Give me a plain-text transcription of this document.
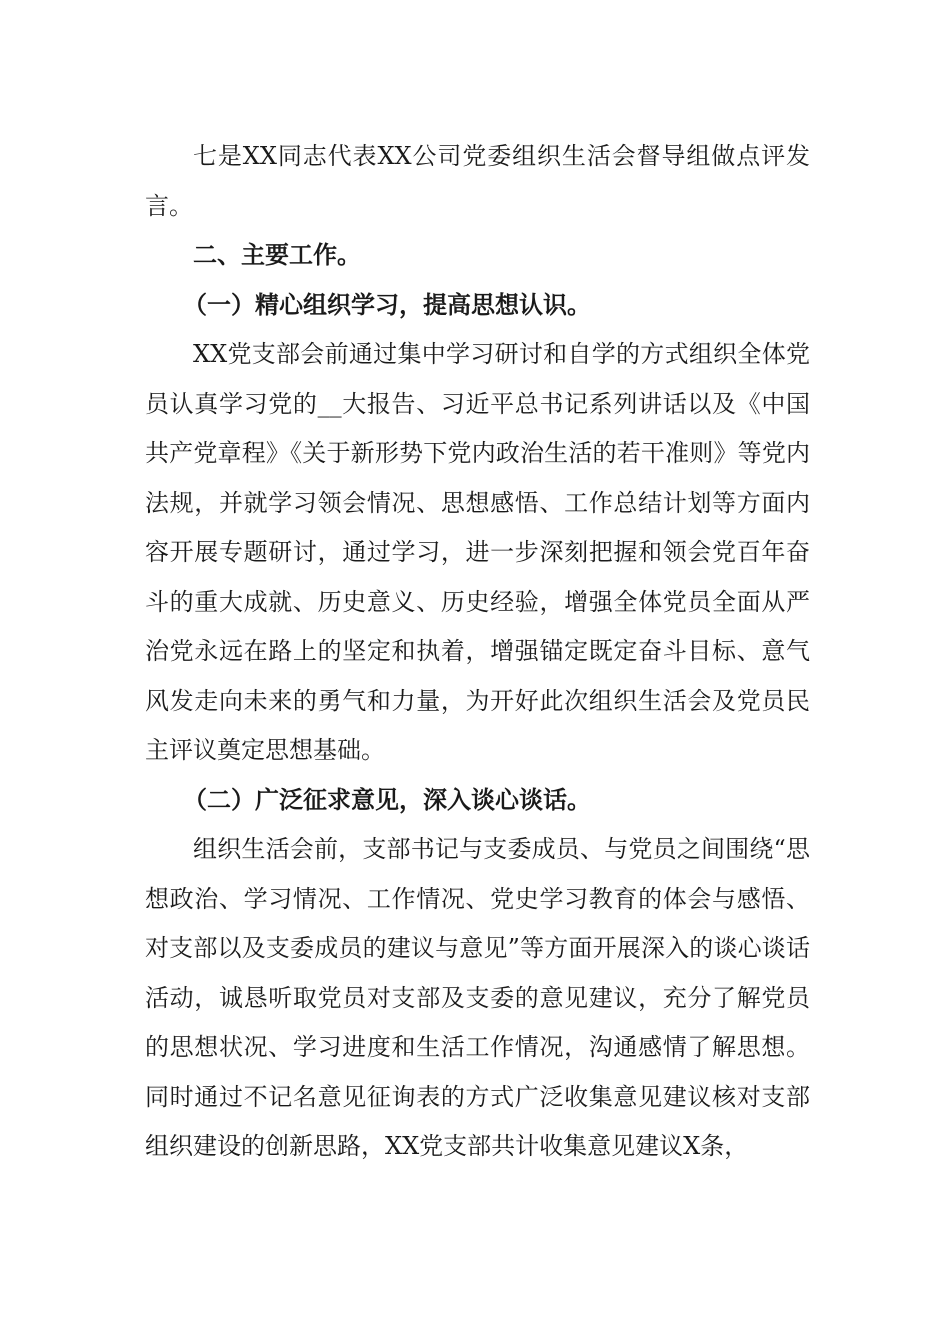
七是XX同志代表XX公司党委组织生活会督导组做点评发言。

二、主要工作。

（一）精心组织学习，提高思想认识。

XX党支部会前通过集中学习研讨和自学的方式组织全体党员认真学习党的__大报告、习近平总书记系列讲话以及《中国共产党章程》《关于新形势下党内政治生活的若干准则》等党内法规，并就学习领会情况、思想感悟、工作总结计划等方面内容开展专题研讨，通过学习，进一步深刻把握和领会党百年奋斗的重大成就、历史意义、历史经验，增强全体党员全面从严治党永远在路上的坚定和执着，增强锚定既定奋斗目标、意气风发走向未来的勇气和力量，为开好此次组织生活会及党员民主评议奠定思想基础。

（二）广泛征求意见，深入谈心谈话。

组织生活会前，支部书记与支委成员、与党员之间围绕“思想政治、学习情况、工作情况、党史学习教育的体会与感悟、对支部以及支委成员的建议与意见”等方面开展深入的谈心谈话活动，诚恳听取党员对支部及支委的意见建议，充分了解党员的思想状况、学习进度和生活工作情况，沟通感情了解思想。同时通过不记名意见征询表的方式广泛收集意见建议核对支部组织建设的创新思路，XX党支部共计收集意见建议X条，
